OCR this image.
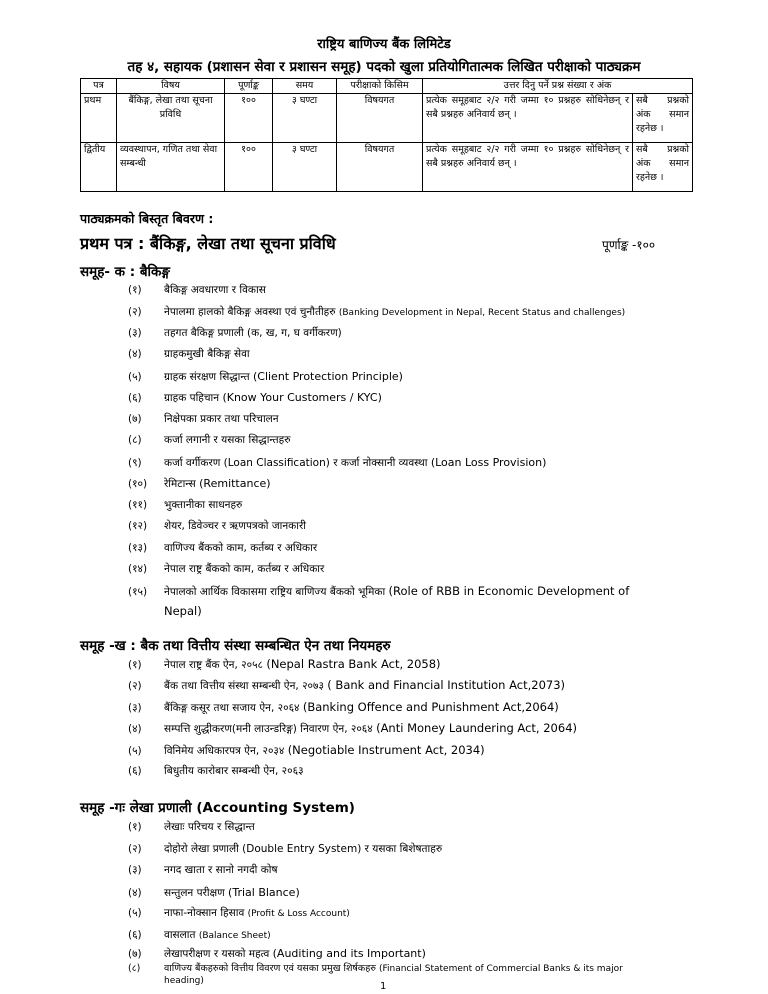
राष्ट्रिय बाणिज्य बैंक लिमिटेड
तह ४, सहायक (प्रशासन सेवा र प्रशासन समूह) पदको खुला प्रतियोगितात्मक लिखित परीक्षाको पाठ्यक्रम
पत्र	विषय	पूर्णाङ्क	समय	परीक्षाको किसिम	उत्तर दिनु पर्ने प्रश्न संख्या र अंक	
प्रथम	बैंकिङ्ग, लेखा तथा सूचना प्रविधि	१००	३ घण्टा	विषयगत	प्रत्येक समूहबाट २/२ गरी जम्मा १० प्रश्नहरु सोधिनेछन् र सबै प्रश्नहरु अनिवार्य छन् ।	सबै प्रश्नको अंक समान रहनेछ ।
द्वितीय	व्यवस्थापन, गणित तथा सेवा सम्बन्धी	१००	३ घण्टा	विषयगत	प्रत्येक समूहबाट २/२ गरी जम्मा १० प्रश्नहरु सोधिनेछन् र सबै प्रश्नहरु अनिवार्य छन् ।	सबै प्रश्नको अंक समान रहनेछ ।
पाठ्यक्रमको बिस्तृत बिवरण :
प्रथम पत्र : बैंकिङ्ग, लेखा तथा सूचना प्रविधि	पूर्णाङ्क -१००
समूह- क : बैकिङ्ग
(१) बैकिङ्ग अवधारणा र विकास
(२) नेपालमा हालको बैकिङ्ग अवस्था एवं चुनौतीहरु (Banking Development in Nepal, Recent Status and challenges)
(३) तहगत बैकिङ्ग प्रणाली (क, ख, ग, घ वर्गीकरण)
(४) ग्राहकमुखी बैकिङ्ग सेवा
(५) ग्राहक संरक्षण सिद्धान्त (Client Protection Principle)
(६) ग्राहक पहिचान (Know Your Customers / KYC)
(७) निक्षेपका प्रकार तथा परिचालन
(८) कर्जा लगानी र यसका सिद्धान्तहरु
(९) कर्जा वर्गीकरण (Loan Classification) र कर्जा नोक्सानी व्यवस्था (Loan Loss Provision)
(१०) रेमिटान्स (Remittance)
(११) भुक्तानीका साधनहरु
(१२) शेयर, डिवेञ्चर र ऋणपत्रको जानकारी
(१३) वाणिज्य बैंकको काम, कर्तब्य र अधिकार
(१४) नेपाल राष्ट्र बैंकको काम, कर्तब्य र अधिकार
(१५) नेपालको आर्थिक विकासमा राष्ट्रिय बाणिज्य बैंकको भूमिका (Role of RBB in Economic Development of
Nepal)
समूह -ख : बैक तथा वित्तीय संस्था सम्बन्धित ऐन तथा नियमहरु
(१) नेपाल राष्ट्र बैंक ऐन, २०५८ (Nepal Rastra Bank Act, 2058)
(२) बैंक तथा वित्तीय संस्था सम्बन्धी ऐन, २०७३ ( Bank and Financial Institution Act,2073)
(३) बैंकिङ्ग कसूर तथा सजाय ऐन, २०६४ (Banking Offence and Punishment Act,2064)
(४) सम्पत्ति शुद्धीकरण(मनी लाउन्डरिङ्ग) निवारण ऐन, २०६४ (Anti Money Laundering Act, 2064)
(५) विनिमेय अधिकारपत्र ऐन, २०३४ (Negotiable Instrument Act, 2034)
(६) बिधुतीय कारोबार सम्बन्धी ऐन, २०६३
समूह -गः लेखा प्रणाली (Accounting System)
(१) लेखाः परिचय र सिद्धान्त
(२) दोहोरो लेखा प्रणाली (Double Entry System) र यसका बिशेषताहरु
(३) नगद खाता र सानो नगदी कोष
(४) सन्तुलन परीक्षण (Trial Blance)
(५) नाफा-नोक्सान हिसाव (Profit & Loss Account)
(६) वासलात (Balance Sheet)
(७) लेखापरीक्षण र यसको महत्व (Auditing and its Important)
(८) वाणिज्य बैंकहरुको वित्तीय विवरण एवं यसका प्रमुख शिर्षकहरु (Financial Statement of Commercial Banks & its major
heading)	1
